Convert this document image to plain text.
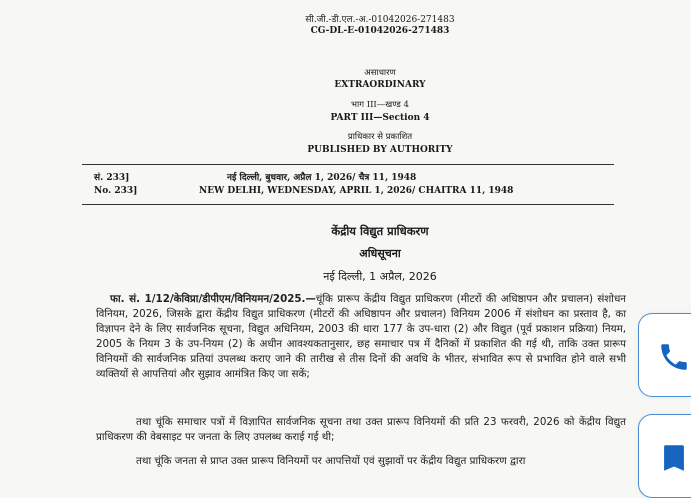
सी.जी.-डी.एल.-अ.-01042026-271483
CG-DL-E-01042026-271483
असाधारण
EXTRAORDINARY
भाग III—खण्ड 4
PART III—Section 4
प्राधिकार से प्रकाशित
PUBLISHED BY AUTHORITY
सं. 233]	नई दिल्ली, बुधवार, अप्रैल 1, 2026/ चैत्र 11, 1948
No. 233]	NEW DELHI, WEDNESDAY, APRIL 1, 2026/ CHAITRA 11, 1948
केंद्रीय विद्युत प्राधिकरण
अधिसूचना
नई दिल्ली, 1 अप्रैल, 2026
फा. सं. 1/12/केविप्रा/डीपीएम/विनियमन/2025.—चूंकि प्रारूप केंद्रीय विद्युत प्राधिकरण (मीटरों की अधिष्ठापन और प्रचालन) संशोधन विनियम, 2026, जिसके द्वारा केंद्रीय विद्युत प्राधिकरण (मीटरों की अधिष्ठापन और प्रचालन) विनियम 2006 में संशोधन का प्रस्ताव है, का विज्ञापन देने के लिए सार्वजनिक सूचना, विद्युत अधिनियम, 2003 की धारा 177 के उप-धारा (2) और विद्युत (पूर्व प्रकाशन प्रक्रिया) नियम, 2005 के नियम 3 के उप-नियम (2) के अधीन आवश्यकतानुसार, छह समाचार पत्र में दैनिकों में प्रकाशित की गई थी, ताकि उक्त प्रारूप विनियमों की सार्वजनिक प्रतियां उपलब्ध कराए जाने की तारीख से तीस दिनों की अवधि के भीतर, संभावित रूप से प्रभावित होने वाले सभी व्यक्तियों से आपत्तियां और सुझाव आमंत्रित किए जा सकें;
तथा चूंकि समाचार पत्रों में विज्ञापित सार्वजनिक सूचना तथा उक्त प्रारूप विनियमों की प्रति 23 फरवरी, 2026 को केंद्रीय विद्युत प्राधिकरण की वेबसाइट पर जनता के लिए उपलब्ध कराई गई थी;
तथा चूंकि जनता से प्राप्त उक्त प्रारूप विनियमों पर आपत्तियों एवं सुझावों पर केंद्रीय विद्युत प्राधिकरण द्वारा
